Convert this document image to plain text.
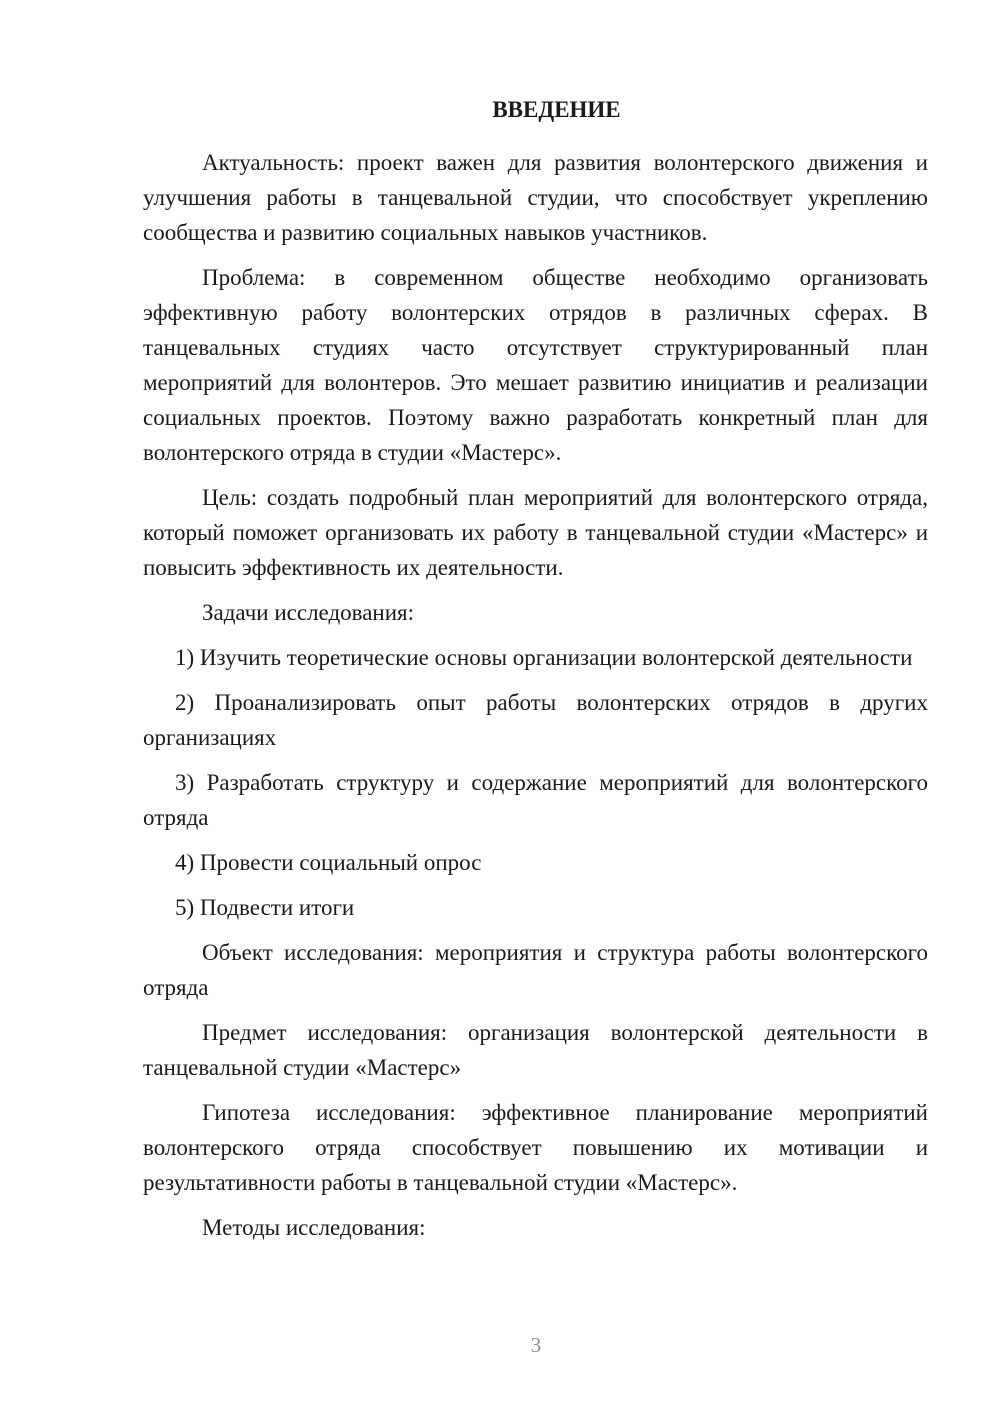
ВВЕДЕНИЕ

Актуальность: проект важен для развития волонтерского движения и улучшения работы в танцевальной студии, что способствует укреплению сообщества и развитию социальных навыков участников.

Проблема: в современном обществе необходимо организовать эффективную работу волонтерских отрядов в различных сферах. В танцевальных студиях часто отсутствует структурированный план мероприятий для волонтеров. Это мешает развитию инициатив и реализации социальных проектов. Поэтому важно разработать конкретный план для волонтерского отряда в студии «Мастерс».

Цель: создать подробный план мероприятий для волонтерского отряда, который поможет организовать их работу в танцевальной студии «Мастерс» и повысить эффективность их деятельности.

Задачи исследования:

1) Изучить теоретические основы организации волонтерской деятельности

2) Проанализировать опыт работы волонтерских отрядов в других организациях

3) Разработать структуру и содержание мероприятий для волонтерского отряда

4) Провести социальный опрос

5) Подвести итоги

Объект исследования: мероприятия и структура работы волонтерского отряда

Предмет исследования: организация волонтерской деятельности в танцевальной студии «Мастерс»

Гипотеза исследования: эффективное планирование мероприятий волонтерского отряда способствует повышению их мотивации и результативности работы в танцевальной студии «Мастерс».

Методы исследования:

3
